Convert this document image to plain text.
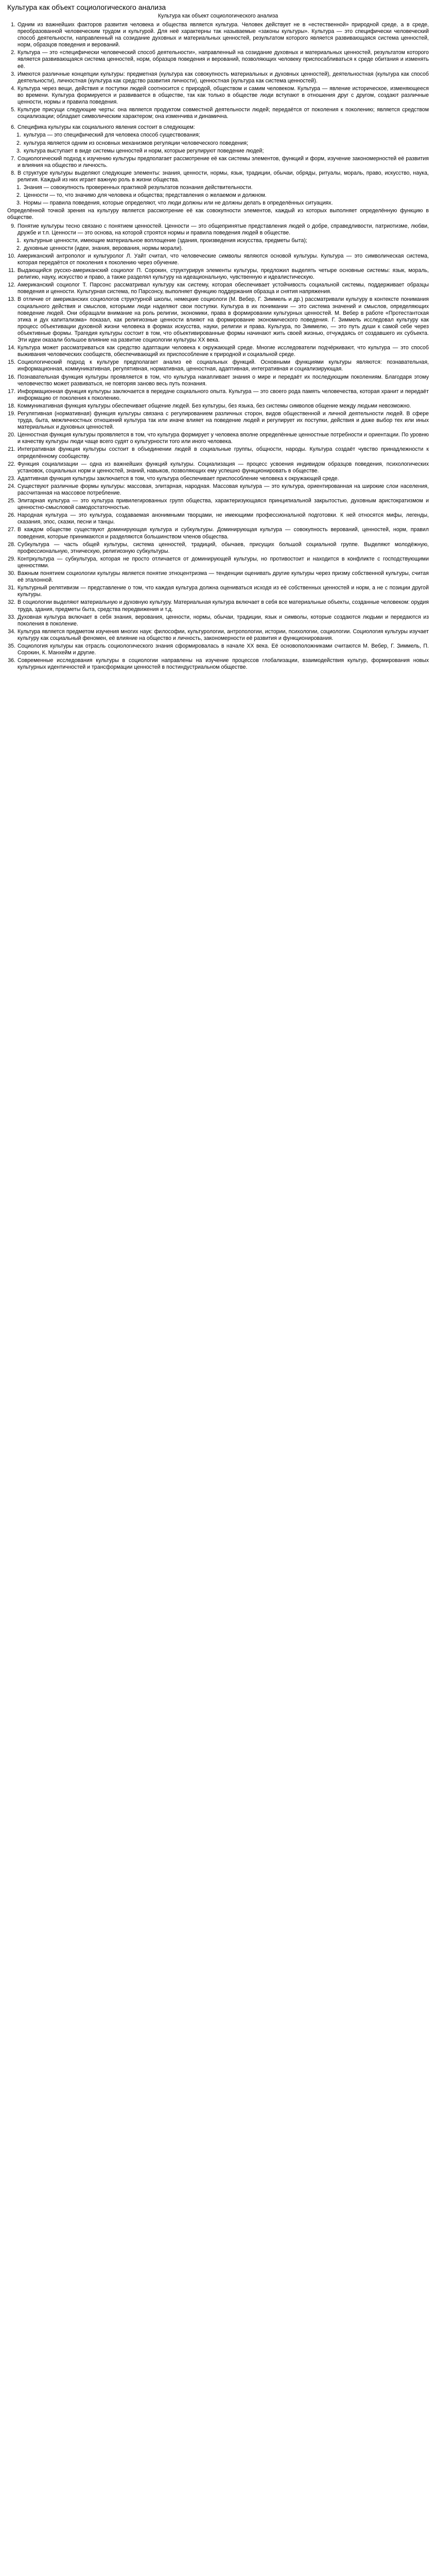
Культура как объект социологического анализа
Культура как объект социологического анализа
1. Одним из важнейших факторов развития человека и общества является культура. Человек действует не в «естественной» природной среде, а в среде, преобразованной человеческим трудом и культурой. Для неё характерны так называемые «законы культуры». Культура — это специфически человеческий способ деятельности, направленный на созидание духовных и материальных ценностей, результатом которого является развивающаяся система ценностей, норм, образцов поведения и верований.
2. Культура — это «специфически человеческий способ деятельности», направленный на созидание духовных и материальных ценностей, результатом которого является развивающаяся система ценностей, норм, образцов поведения и верований, позволяющих человеку приспосабливаться к среде обитания и изменять её.
3. Имеются различные концепции культуры: предметная (культура как совокупность материальных и духовных ценностей), деятельностная (культура как способ деятельности), личностная (культура как средство развития личности), ценностная (культура как система ценностей).
4. Культура через вещи, действия и поступки людей соотносится с природой, обществом и самим человеком. Культура — явление историческое, изменяющееся во времени. Культура формируется и развивается в обществе, так как только в обществе люди вступают в отношения друг с другом, создают различные ценности, нормы и правила поведения.
5. Культуре присущи следующие черты: она является продуктом совместной деятельности людей; передаётся от поколения к поколению; является средством социализации; обладает символическим характером; она изменчива и динамична.
6. Специфика культуры как социального явления состоит в следующем:
1. культура — это специфический для человека способ существования;
2. культура является одним из основных механизмов регуляции человеческого поведения;
3. культура выступает в виде системы ценностей и норм, которые регулируют поведение людей;
7. Социологический подход к изучению культуры предполагает рассмотрение её как системы элементов, функций и форм, изучение закономерностей её развития и влияния на общество и личность.
8. В структуре культуры выделяют следующие элементы: знания, ценности, нормы, язык, традиции, обычаи, обряды, ритуалы, мораль, право, искусство, наука, религия. Каждый из них играет важную роль в жизни общества.
1. Знания — совокупность проверенных практикой результатов познания действительности.
2. Ценности — то, что значимо для человека и общества; представления о желаемом и должном.
3. Нормы — правила поведения, которые определяют, что люди должны или не должны делать в определённых ситуациях.

Определённой точкой зрения на культуру является рассмотрение её как совокупности элементов, каждый из которых выполняет определённую функцию в обществе.

9. Понятие культуры тесно связано с понятием ценностей. Ценности — это общепринятые представления людей о добре, справедливости, патриотизме, любви, дружбе и т.п. Ценности — это основа, на которой строятся нормы и правила поведения людей в обществе.
1. культурные ценности, имеющие материальное воплощение (здания, произведения искусства, предметы быта);
2. духовные ценности (идеи, знания, верования, нормы морали).
10. Американский антрополог и культуролог Л. Уайт считал, что человеческие символы являются основой культуры. Культура — это символическая система, которая передаётся от поколения к поколению через обучение.
11. Выдающийся русско-американский социолог П. Сорокин, структурируя элементы культуры, предложил выделять четыре основные системы: язык, мораль, религию, науку, искусство и право, а также разделял культуру на идеациональную, чувственную и идеалистическую.
12. Американский социолог Т. Парсонс рассматривал культуру как систему, которая обеспечивает устойчивость социальной системы, поддерживает образцы поведения и ценности. Культурная система, по Парсонсу, выполняет функцию поддержания образца и снятия напряжения.
13. В отличие от американских социологов структурной школы, немецкие социологи (М. Вебер, Г. Зиммель и др.) рассматривали культуру в контексте понимания социального действия и смыслов, которыми люди наделяют свои поступки. Культура в их понимании — это система значений и смыслов, определяющих поведение людей. Они обращали внимание на роль религии, экономики, права в формировании культурных ценностей. М. Вебер в работе «Протестантская этика и дух капитализма» показал, как религиозные ценности влияют на формирование экономического поведения. Г. Зиммель исследовал культуру как процесс объективации духовной жизни человека в формах искусства, науки, религии и права. Культура, по Зиммелю, — это путь души к самой себе через объективные формы. Трагедия культуры состоит в том, что объективированные формы начинают жить своей жизнью, отчуждаясь от создавшего их субъекта. Эти идеи оказали большое влияние на развитие социологии культуры XX века.
14. Культура может рассматриваться как средство адаптации человека к окружающей среде. Многие исследователи подчёркивают, что культура — это способ выживания человеческих сообществ, обеспечивающий их приспособление к природной и социальной среде.
15. Социологический подход к культуре предполагает анализ её социальных функций. Основными функциями культуры являются: познавательная, информационная, коммуникативная, регулятивная, нормативная, ценностная, адаптивная, интегративная и социализирующая.
16. Познавательная функция культуры проявляется в том, что культура накапливает знания о мире и передаёт их последующим поколениям. Благодаря этому человечество может развиваться, не повторяя заново весь путь познания.
17. Информационная функция культуры заключается в передаче социального опыта. Культура — это своего рода память человечества, которая хранит и передаёт информацию от поколения к поколению.
18. Коммуникативная функция культуры обеспечивает общение людей. Без культуры, без языка, без системы символов общение между людьми невозможно.
19. Регулятивная (нормативная) функция культуры связана с регулированием различных сторон, видов общественной и личной деятельности людей. В сфере труда, быта, межличностных отношений культура так или иначе влияет на поведение людей и регулирует их поступки, действия и даже выбор тех или иных материальных и духовных ценностей.
20. Ценностная функция культуры проявляется в том, что культура формирует у человека вполне определённые ценностные потребности и ориентации. По уровню и качеству культуры люди чаще всего судят о культурности того или иного человека.
21. Интегративная функция культуры состоит в объединении людей в социальные группы, общности, народы. Культура создаёт чувство принадлежности к определённому сообществу.
22. Функция социализации — одна из важнейших функций культуры. Социализация — процесс усвоения индивидом образцов поведения, психологических установок, социальных норм и ценностей, знаний, навыков, позволяющих ему успешно функционировать в обществе.
23. Адаптивная функция культуры заключается в том, что культура обеспечивает приспособление человека к окружающей среде.
24. Существуют различные формы культуры: массовая, элитарная, народная. Массовая культура — это культура, ориентированная на широкие слои населения, рассчитанная на массовое потребление.
25. Элитарная культура — это культура привилегированных групп общества, характеризующаяся принципиальной закрытостью, духовным аристократизмом и ценностно-смысловой самодостаточностью.
26. Народная культура — это культура, создаваемая анонимными творцами, не имеющими профессиональной подготовки. К ней относятся мифы, легенды, сказания, эпос, сказки, песни и танцы.
27. В каждом обществе существуют доминирующая культура и субкультуры. Доминирующая культура — совокупность верований, ценностей, норм, правил поведения, которые принимаются и разделяются большинством членов общества.
28. Субкультура — часть общей культуры, система ценностей, традиций, обычаев, присущих большой социальной группе. Выделяют молодёжную, профессиональную, этническую, религиозную субкультуры.
29. Контркультура — субкультура, которая не просто отличается от доминирующей культуры, но противостоит и находится в конфликте с господствующими ценностями.
30. Важным понятием социологии культуры является понятие этноцентризма — тенденции оценивать другие культуры через призму собственной культуры, считая её эталонной.
31. Культурный релятивизм — представление о том, что каждая культура должна оцениваться исходя из её собственных ценностей и норм, а не с позиции другой культуры.
32. В социологии выделяют материальную и духовную культуру. Материальная культура включает в себя все материальные объекты, созданные человеком: орудия труда, здания, предметы быта, средства передвижения и т.д.
33. Духовная культура включает в себя знания, верования, ценности, нормы, обычаи, традиции, язык и символы, которые создаются людьми и передаются из поколения в поколение.
34. Культура является предметом изучения многих наук: философии, культурологии, антропологии, истории, психологии, социологии. Социология культуры изучает культуру как социальный феномен, её влияние на общество и личность, закономерности её развития и функционирования.
35. Социология культуры как отрасль социологического знания сформировалась в начале XX века. Её основоположниками считаются М. Вебер, Г. Зиммель, П. Сорокин, К. Манхейм и другие.
36. Современные исследования культуры в социологии направлены на изучение процессов глобализации, взаимодействия культур, формирования новых культурных идентичностей и трансформации ценностей в постиндустриальном обществе.
